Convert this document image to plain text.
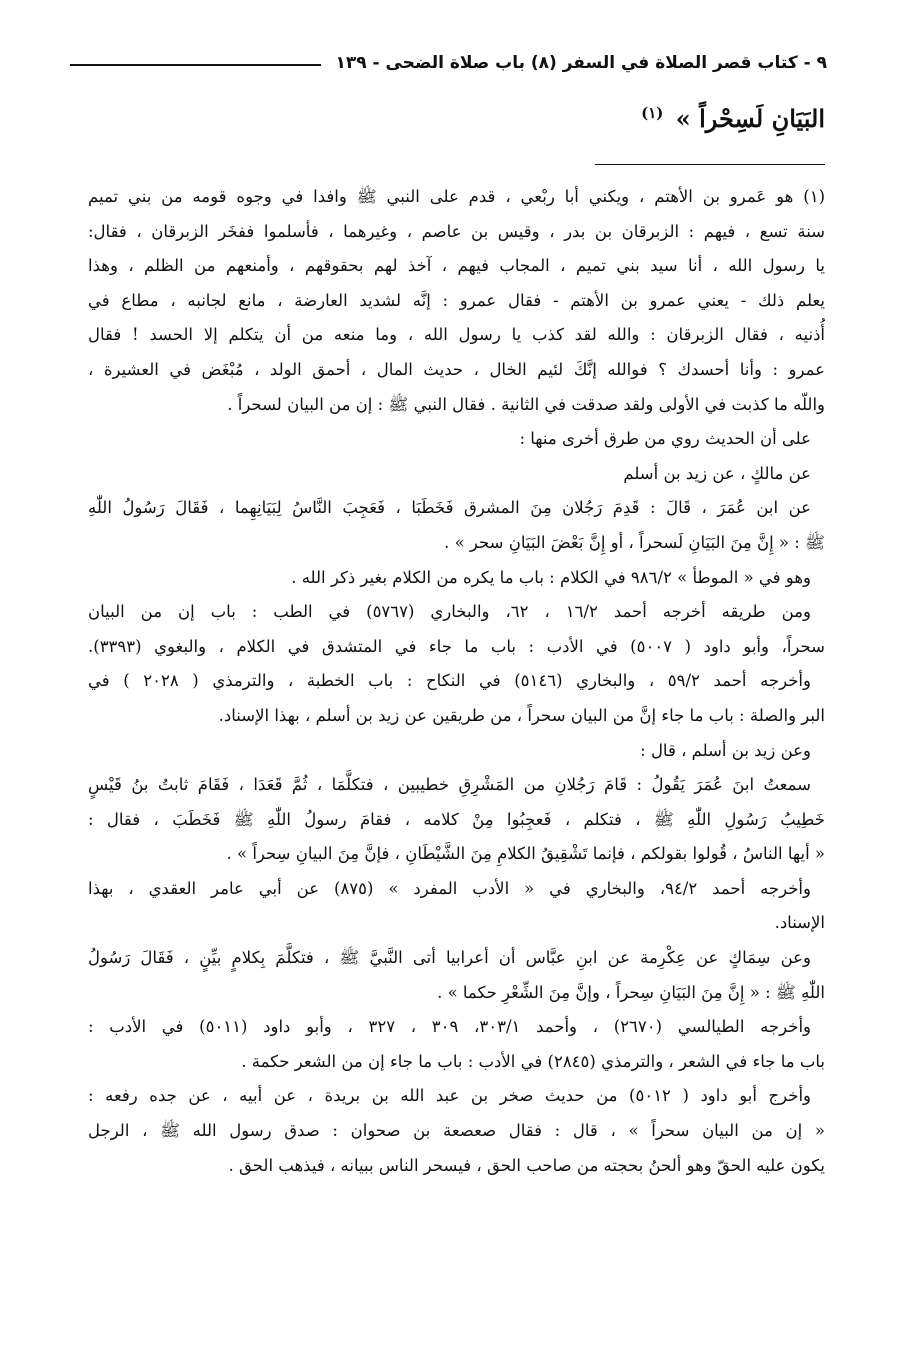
٩ - كتاب قصر الصلاة في السفر (٨) باب صلاة الضحى - ١٣٩
البَيَانِ لَسِحْراً » $^{(١)}$
(١) هو عَمرو بن الأهتم ، ويكني أبا ربْعي ، قدم على النبي ﷺ وافدا في وجوه قومه من بني تميم
سنة تسع ، فيهم : الزبرقان بن بدر ، وقيس بن عاصم ، وغيرهما ، فأسلموا ففخَر الزبرقان ، فقال:
يا رسول الله ، أنا سيد بني تميم ، المجاب فيهم ، آخذ لهم بحقوقهم ، وأمنعهم من الظلم ، وهذا
يعلم ذلك - يعني عمرو بن الأهتم - فقال عمرو : إنَّه لشديد العارضة ، مانع لجانبه ، مطاع في
أُذنيه ، فقال الزبرقان : والله لقد كذب يا رسول الله ، وما منعه من أن يتكلم إلا الحسد ! فقال
عمرو : وأنا أحسدك ؟ فوالله إنَّكَ لئيم الخال ، حديث المال ، أحمق الولد ، مُبْغَض في العشيرة ،
واللّه ما كذبت في الأولى ولقد صدقت في الثانية . فقال النبي ﷺ : إن من البيان لسحراً .
على أن الحديث روي من طرق أخرى منها :
عن مالكٍ ، عن زيد بن أسلم
عن ابن عُمَرَ ، قَالَ : قَدِمَ رَجُلان مِنَ المشرق فَخَطَبَا ، فَعَجِبَ النَّاسُ لِبَيَانِهِما ، فَقَالَ رَسُولُ اللّٰهِ
ﷺ : « إِنَّ مِنَ البَيَانِ لَسحراً ، أو إِنَّ بَعْضَ البَيَانِ سحر » .
وهو في « الموطأ » ٩٨٦/٢ في الكلام : باب ما يكره من الكلام بغير ذكر الله .
ومن طريقه أخرجه أحمد ١٦/٢ ، ٦٢، والبخاري (٥٧٦٧) في الطب : باب إن من البيان
سحراً، وأبو داود ( ٥٠٠٧) في الأدب : باب ما جاء في المتشدق في الكلام ، والبغوي (٣٣٩٣).
وأخرجه أحمد ٥٩/٢ ، والبخاري (٥١٤٦) في النكاح : باب الخطبة ، والترمذي ( ٢٠٢٨ ) في
البر والصلة : باب ما جاء إنَّ من البيان سحراً ، من طريقين عن زيد بن أسلم ، بهذا الإسناد.
وعن زيد بن أسلم ، قال :
سمعتُ ابنَ عُمَرَ يَقُولُ : قَامَ رَجُلانِ من المَشْرِقِ خطيبين ، فتكلَّمَا ، ثُمَّ قَعَدَا ، فَقَامَ ثابتُ بنُ قَيْسٍ
خَطِيبُ رَسُولِ اللّٰهِ ﷺ ، فتكلم ، فَعجِبُوا مِنْ كلامه ، فقامَ رسولُ اللّٰهِ ﷺ فَخَطَبَ ، فقال :
« أيها الناسُ ، قُولوا بقولكم ، فإنما تَشْقِيقُ الكلامِ مِنَ الشَّيْطَانِ ، فإنَّ مِنَ البيانِ سِحراً » .
وأخرجه أحمد ٩٤/٢، والبخاري في « الأدب المفرد » (٨٧٥) عن أبي عامر العقدي ، بهذا
الإسناد.
وعن سِمَاكٍ عن عِكْرِمة عن ابنِ عبَّاس أن أعرابيا أتى النَّبيَّ ﷺ ، فتكلَّمَ بِكلامٍ بيِّنٍ ، فَقَالَ رَسُولُ
اللّٰهِ ﷺ : « إِنَّ مِنَ البَيَانِ سِحراً ، وإنَّ مِنَ الشِّعْرِ حكما » .
وأخرجه الطيالسي (٢٦٧٠) ، وأحمد ٣٠٣/١، ٣٠٩ ، ٣٢٧ ، وأبو داود (٥٠١١) في الأدب :
باب ما جاء في الشعر ، والترمذي (٢٨٤٥) في الأدب : باب ما جاء إن من الشعر حكمة .
وأخرج أبو داود ( ٥٠١٢) من حديث صخر بن عبد الله بن بريدة ، عن أبيه ، عن جده رفعه :
« إن من البيان سحراً » ، قال : فقال صعصعة بن صحوان : صدق رسول الله ﷺ ، الرجل
يكون عليه الحقّ وهو ألحنُ بحجته من صاحب الحق ، فيسحر الناس ببيانه ، فيذهب الحق .
